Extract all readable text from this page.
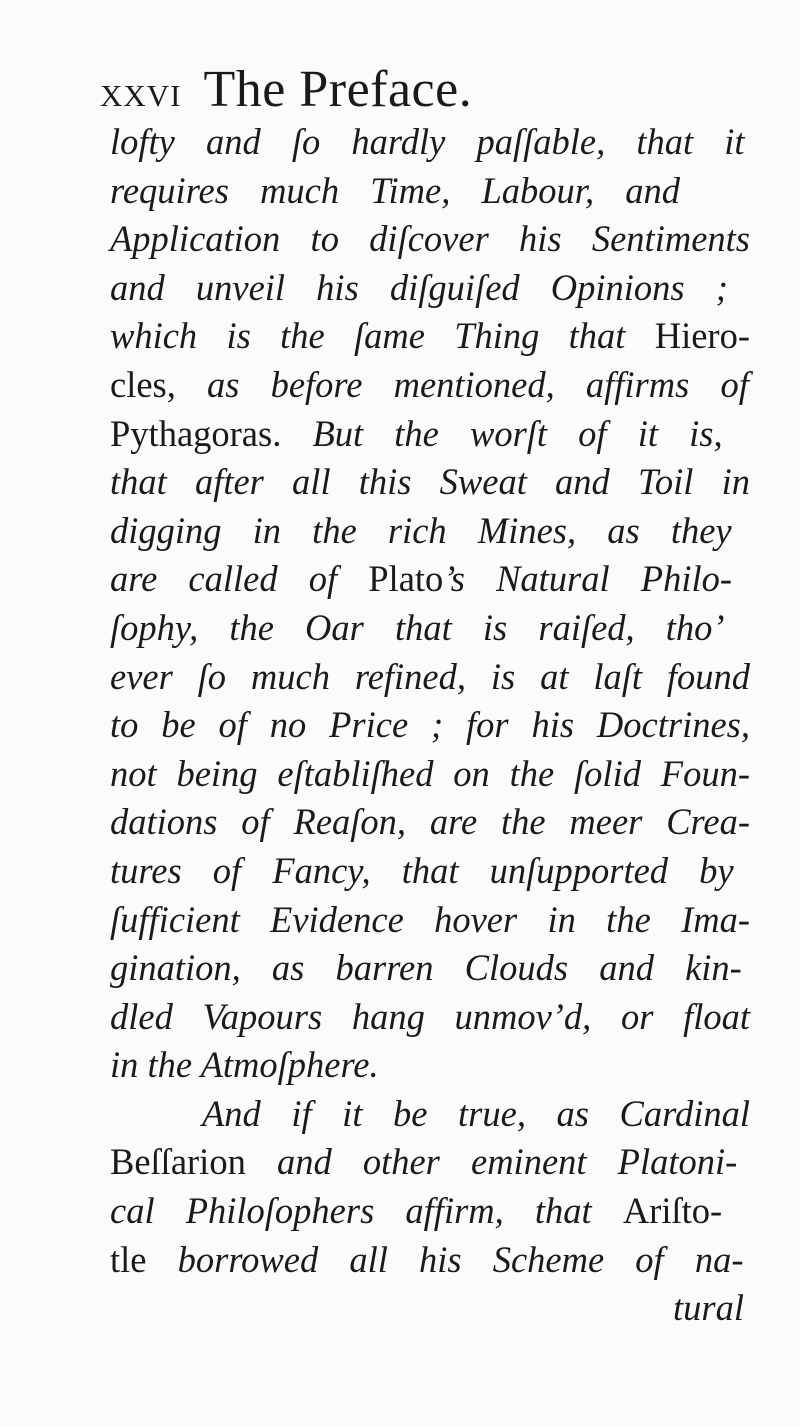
xxvi The Preface.
lofty and ſo hardly paſſable, that it
requires much Time, Labour, and
Application to diſcover his Sentiments
and unveil his diſguiſed Opinions ;
which is the ſame Thing that Hiero-
cles, as before mentioned, affirms of
Pythagoras. But the worſt of it is,
that after all this Sweat and Toil in
digging in the rich Mines, as they
are called of Plato’s Natural Philo-
ſophy, the Oar that is raiſed, tho’
ever ſo much refined, is at laſt found
to be of no Price ; for his Doctrines,
not being eſtabliſhed on the ſolid Foun-
dations of Reaſon, are the meer Crea-
tures of Fancy, that unſupported by
ſufficient Evidence hover in the Ima-
gination, as barren Clouds and kin-
dled Vapours hang unmov’d, or float
in the Atmoſphere.
And if it be true, as Cardinal
Beſſarion and other eminent Platoni-
cal Philoſophers affirm, that Ariſto-
tle borrowed all his Scheme of na-
tural
